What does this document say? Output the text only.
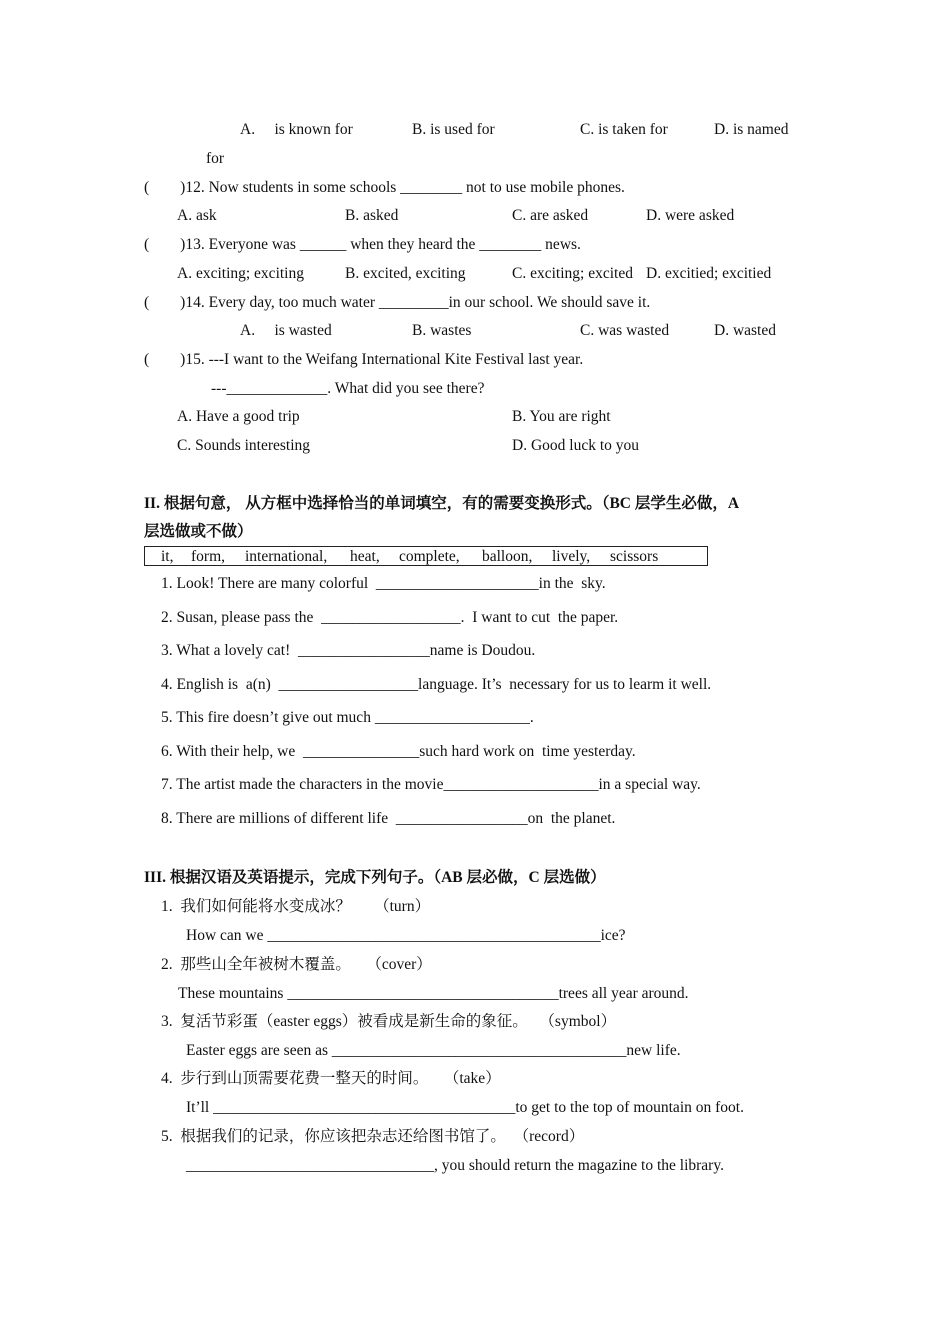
A.     is known for	B. is used for	C. is taken for	D. is named
for
(        )12. Now students in some schools ________ not to use mobile phones.
A. ask	B. asked	C. are asked	D. were asked
(        )13. Everyone was ______ when they heard the ________ news.
A. exciting; exciting	B. excited, exciting	C. exciting; excited D. excitied; excitied
(        )14. Every day, too much water _________in our school. We should save it.
A.     is wasted	B. wastes	C. was wasted	D. wasted
(        )15. ---I want to the Weifang International Kite Festival last year.
---_____________. What did you see there?
A. Have a good trip	B. You are right
C. Sounds interesting	D. Good luck to you
II. 根据句意， 从方框中选择恰当的单词填空，有的需要变换形式。（BC 层学生必做，A
层选做或不做）
it, form, international, heat, complete, balloon, lively, scissors
1. Look! There are many colorful  _____________________in the  sky.
2. Susan, please pass the  __________________.  I want to cut  the paper.
3. What a lovely cat!  _________________name is Doudou.
4. English is  a(n)  __________________language. It’s  necessary for us to learm it well.
5. This fire doesn’t give out much ____________________.
6. With their help, we  _______________such hard work on  time yesterday.
7. The artist made the characters in the movie____________________in a special way.
8. There are millions of different life  _________________on  the planet.
III. 根据汉语及英语提示，完成下列句子。（AB 层必做，C 层选做）
1.  我们如何能将水变成冰？      （turn）
How can we ___________________________________________ice?
2.  那些山全年被树木覆盖。    （cover）
These mountains ___________________________________trees all year around.
3.  复活节彩蛋（easter eggs）被看成是新生命的象征。   （symbol）
Easter eggs are seen as ______________________________________new life.
4.  步行到山顶需要花费一整天的时间。    （take）
It’ll _______________________________________to get to the top of mountain on foot.
5.  根据我们的记录，你应该把杂志还给图书馆了。  （record）
________________________________, you should return the magazine to the library.
